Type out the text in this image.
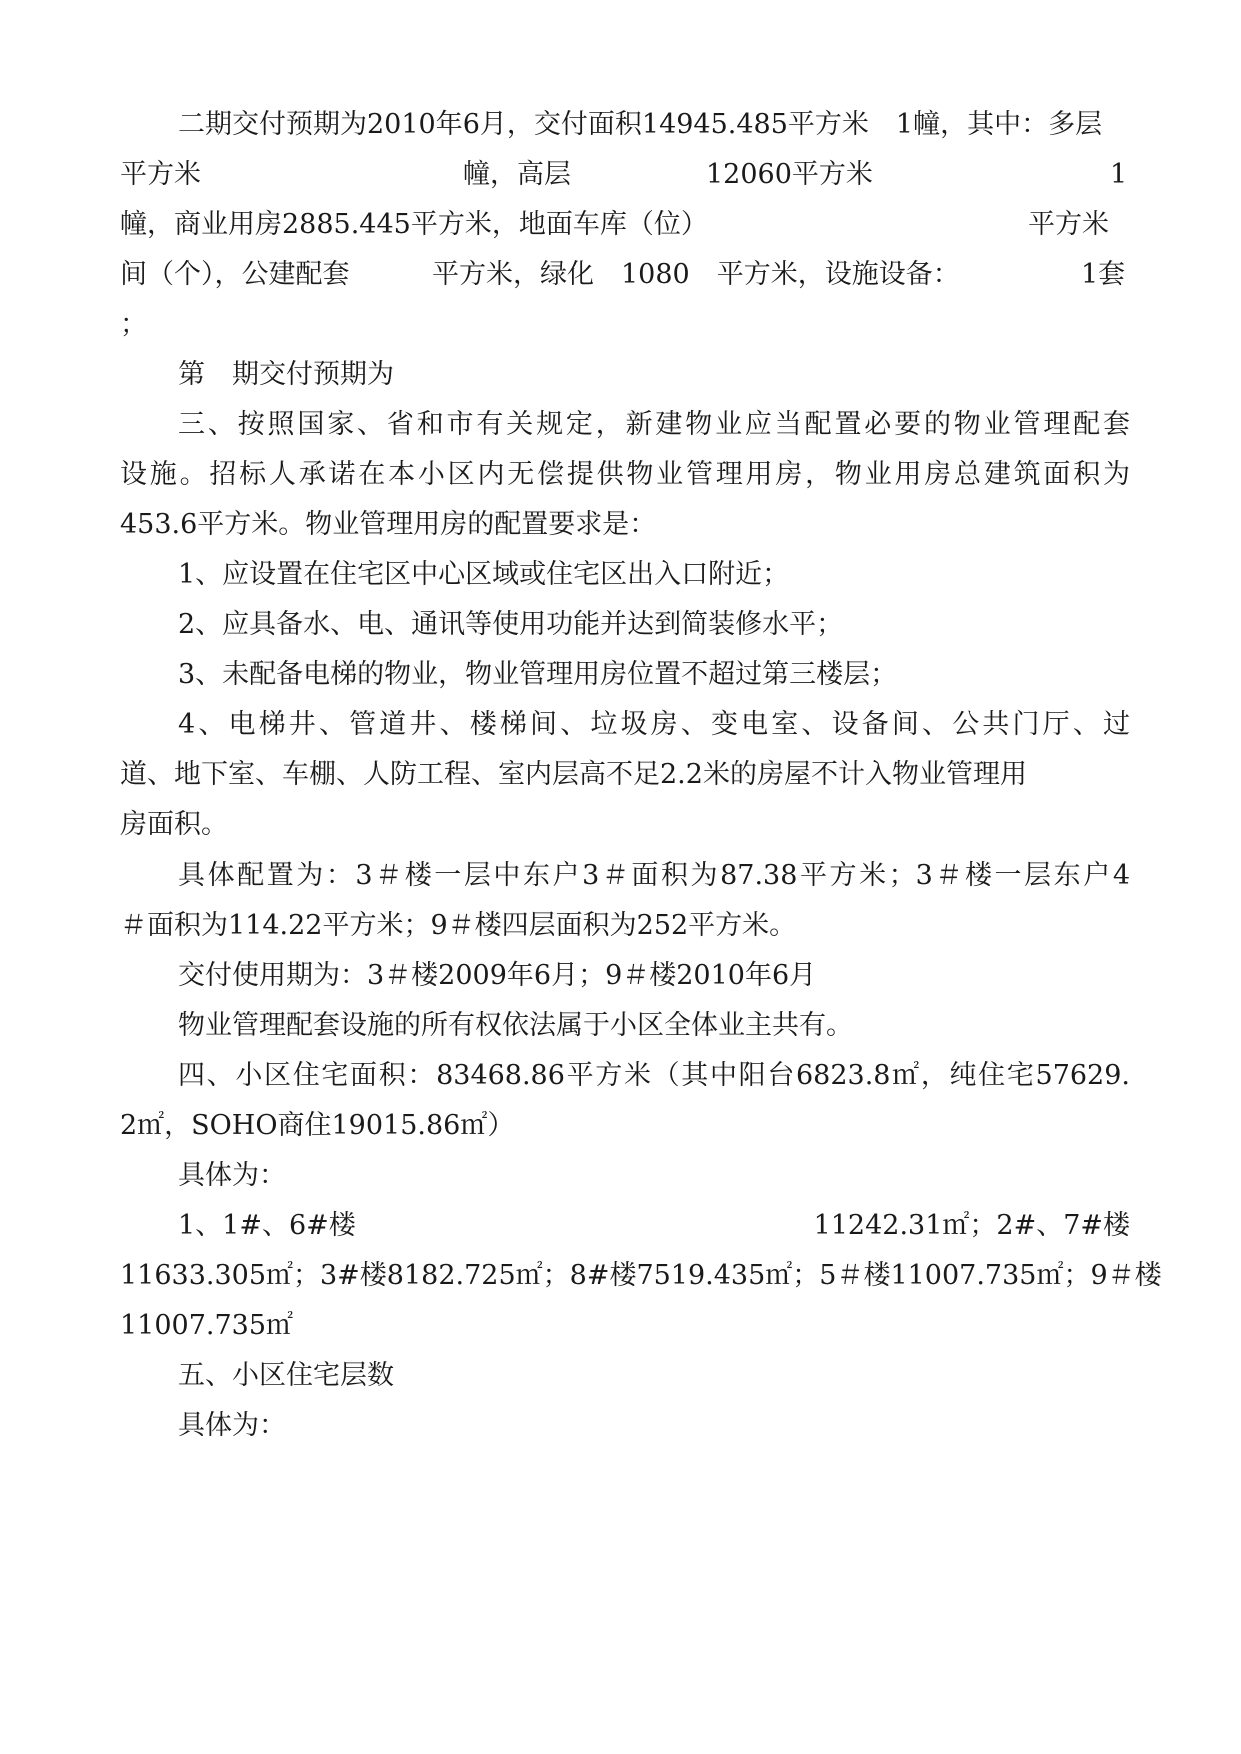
二期交付预期为2010年6月，交付面积14945.485平方米　1幢，其中：多层
平方米	幢，高层	12060平方米	1
幢，商业用房2885.445平方米，地面车库（位）	平方米
间（个），公建配套	平方米，绿化　1080　平方米，设施设备：	1套
；
第　期交付预期为
三、按照国家、省和市有关规定，新建物业应当配置必要的物业管理配套
设施。招标人承诺在本小区内无偿提供物业管理用房，物业用房总建筑面积为
453.6平方米。物业管理用房的配置要求是：
1、应设置在住宅区中心区域或住宅区出入口附近；
2、应具备水、电、通讯等使用功能并达到简装修水平；
3、未配备电梯的物业，物业管理用房位置不超过第三楼层；
4、电梯井、管道井、楼梯间、垃圾房、变电室、设备间、公共门厅、过
道、地下室、车棚、人防工程、室内层高不足2.2米的房屋不计入物业管理用
房面积。
具体配置为：3＃楼一层中东户3＃面积为87.38平方米；3＃楼一层东户4
＃面积为114.22平方米；9＃楼四层面积为252平方米。
交付使用期为：3＃楼2009年6月；9＃楼2010年6月
物业管理配套设施的所有权依法属于小区全体业主共有。
四、小区住宅面积：83468.86平方米（其中阳台6823.8㎡，纯住宅57629.
2㎡，SOHO商住19015.86㎡）
具体为：
1、1#、6#楼	11242.31㎡；2#、7#楼
11633.305㎡；3#楼8182.725㎡；8#楼7519.435㎡；5＃楼11007.735㎡；9＃楼
11007.735㎡
五、小区住宅层数
具体为：
